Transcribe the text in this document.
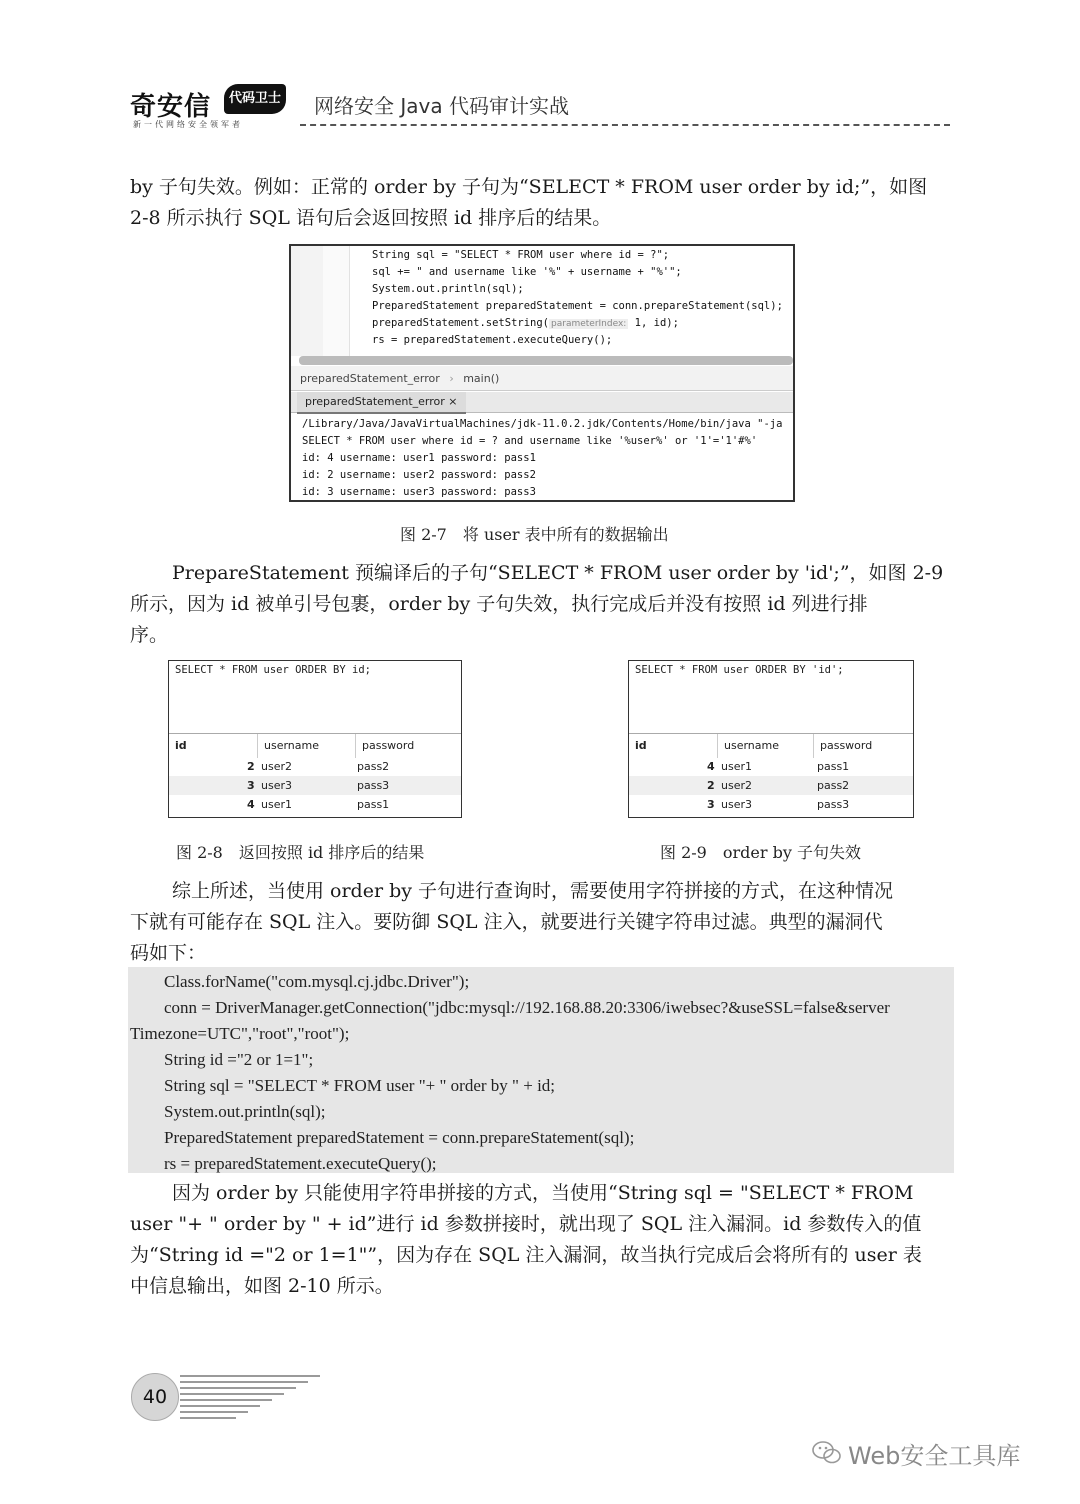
奇安信	代码卫士
新一代网络安全领军者
网络安全 Java 代码审计实战
by 子句失效。例如：正常的 order by 子句为“SELECT * FROM user order by id;”，如图
2-8 所示执行 SQL 语句后会返回按照 id 排序后的结果。
String sql = "SELECT * FROM user where id = ?";
sql += " and username like '%" + username + "%'";
System.out.println(sql);
PreparedStatement preparedStatement = conn.prepareStatement(sql);
preparedStatement.setString( parameterIndex: 1, id);
rs = preparedStatement.executeQuery();
preparedStatement_error › main()
preparedStatement_error ×
/Library/Java/JavaVirtualMachines/jdk-11.0.2.jdk/Contents/Home/bin/java "-ja
SELECT * FROM user where id = ? and username like '%user%' or '1'='1'#%'
id: 4 username: user1 password: pass1
id: 2 username: user2 password: pass2
id: 3 username: user3 password: pass3
图 2-7　将 user 表中所有的数据输出
PrepareStatement 预编译后的子句“SELECT * FROM user order by 'id';”，如图 2-9
所示，因为 id 被单引号包裹，order by 子句失效，执行完成后并没有按照 id 列进行排
序。
SELECT * FROM user ORDER BY id;
id	username	password
2 user2	pass2
3 user3	pass3
4 user1	pass1
图 2-8　返回按照 id 排序后的结果
SELECT * FROM user ORDER BY 'id';
id	username	password
4 user1	pass1
2 user2	pass2
3 user3	pass3
图 2-9　order by 子句失效
综上所述，当使用 order by 子句进行查询时，需要使用字符拼接的方式，在这种情况
下就有可能存在 SQL 注入。要防御 SQL 注入，就要进行关键字符串过滤。典型的漏洞代
码如下：
Class.forName("com.mysql.cj.jdbc.Driver");
conn = DriverManager.getConnection("jdbc:mysql://192.168.88.20:3306/iwebsec?&useSSL=false&server
Timezone=UTC","root","root");
String id ="2 or 1=1";
String sql = "SELECT * FROM user "+ " order by " + id;
System.out.println(sql);
PreparedStatement preparedStatement = conn.prepareStatement(sql);
rs = preparedStatement.executeQuery();
因为 order by 只能使用字符串拼接的方式，当使用“String sql = "SELECT * FROM
user "+ " order by " + id”进行 id 参数拼接时，就出现了 SQL 注入漏洞。id 参数传入的值
为“String id ="2 or 1=1"”，因为存在 SQL 注入漏洞，故当执行完成后会将所有的 user 表
中信息输出，如图 2-10 所示。
40
Web安全工具库
